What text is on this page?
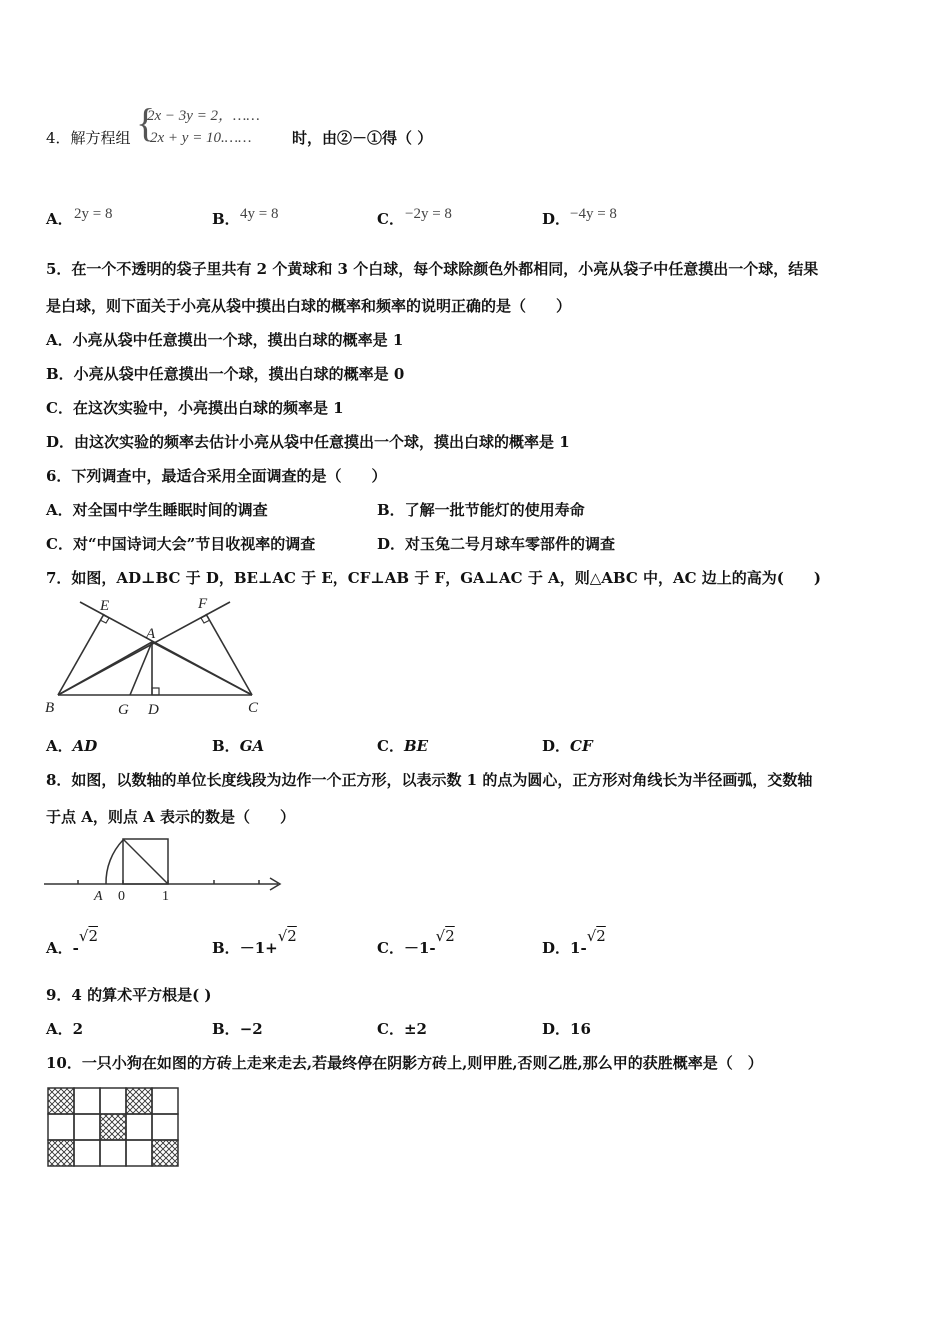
4．解方程组 {
2x − 3y = 2，……
2x + y = 10.……	时，由②－①得（ ）
A． 2y = 8	B． 4y = 8	C． −2y = 8	D． −4y = 8
5．在一个不透明的袋子里共有 2 个黄球和 3 个白球，每个球除颜色外都相同，小亮从袋子中任意摸出一个球，结果
是白球，则下面关于小亮从袋中摸出白球的概率和频率的说明正确的是（　　）
A．小亮从袋中任意摸出一个球，摸出白球的概率是 1
B．小亮从袋中任意摸出一个球，摸出白球的概率是 0
C．在这次实验中，小亮摸出白球的频率是 1
D．由这次实验的频率去估计小亮从袋中任意摸出一个球，摸出白球的概率是 1
6．下列调查中，最适合采用全面调查的是（　　）
A．对全国中学生睡眠时间的调查	B．了解一批节能灯的使用寿命
C．对“中国诗词大会”节目收视率的调查	D．对玉兔二号月球车零部件的调查
7．如图，AD⊥BC 于 D，BE⊥AC 于 E，CF⊥AB 于 F，GA⊥AC 于 A，则△ABC 中，AC 边上的高为(　　)
E	F
A
B	G D	C
A．AD	B．GA	C．BE	D．CF
8．如图，以数轴的单位长度线段为边作一个正方形，以表示数 1 的点为圆心，正方形对角线长为半径画弧，交数轴
于点 A，则点 A 表示的数是（　　）
A 0	1
A．-√2
B．－1+√2
C．－1-√2
D．1-√2
9．4 的算术平方根是( )
A．2	B．−2	C．±2	D．16
10．一只小狗在如图的方砖上走来走去,若最终停在阴影方砖上,则甲胜,否则乙胜,那么甲的获胜概率是（　）
